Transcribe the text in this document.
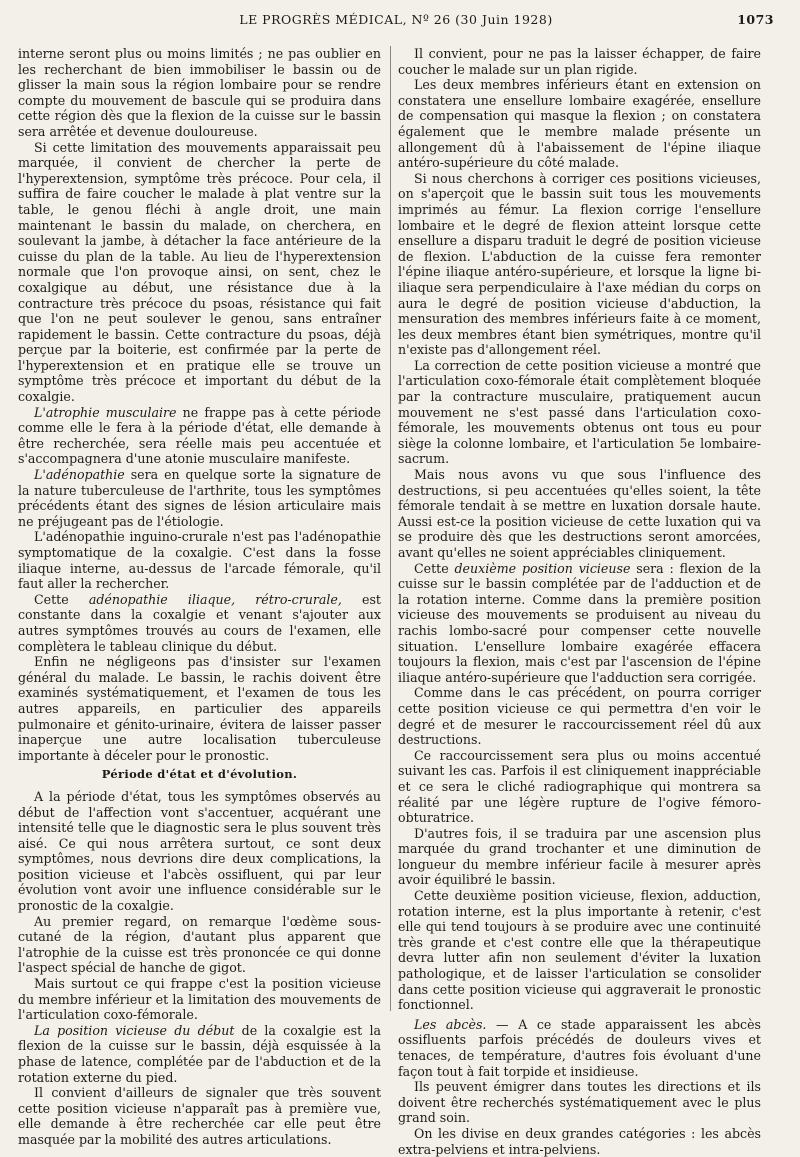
LE PROGRÈS MÉDICAL, Nº 26 (30 Juin 1928)	1073

interne seront plus ou moins limités ; ne pas oublier en les recherchant de bien immobiliser le bassin ou de glisser la main sous la région lombaire pour se rendre compte du mouvement de bascule qui se produira dans cette région dès que la flexion de la cuisse sur le bassin sera arrêtée et devenue douloureuse.

Si cette limitation des mouvements apparaissait peu marquée, il convient de chercher la perte de l'hyperextension, symptôme très précoce. Pour cela, il suffira de faire coucher le malade à plat ventre sur la table, le genou fléchi à angle droit, une main maintenant le bassin du malade, on cherchera, en soulevant la jambe, à détacher la face antérieure de la cuisse du plan de la table. Au lieu de l'hyperextension normale que l'on provoque ainsi, on sent, chez le coxalgique au début, une résistance due à la contracture très précoce du psoas, résistance qui fait que l'on ne peut soulever le genou, sans entraîner rapidement le bassin. Cette contracture du psoas, déjà perçue par la boiterie, est confirmée par la perte de l'hyperextension et en pratique elle se trouve un symptôme très précoce et important du début de la coxalgie.

L'atrophie musculaire ne frappe pas à cette période comme elle le fera à la période d'état, elle demande à être recherchée, sera réelle mais peu accentuée et s'accompagnera d'une atonie musculaire manifeste.

L'adénopathie sera en quelque sorte la signature de la nature tuberculeuse de l'arthrite, tous les symptômes précédents étant des signes de lésion articulaire mais ne préjugeant pas de l'étiologie.

L'adénopathie inguino-crurale n'est pas l'adénopathie symptomatique de la coxalgie. C'est dans la fosse iliaque interne, au-dessus de l'arcade fémorale, qu'il faut aller la rechercher.

Cette adénopathie iliaque, rétro-crurale, est constante dans la coxalgie et venant s'ajouter aux autres symptômes trouvés au cours de l'examen, elle complètera le tableau clinique du début.

Enfin ne négligeons pas d'insister sur l'examen général du malade. Le bassin, le rachis doivent être examinés systématiquement, et l'examen de tous les autres appareils, en particulier des appareils pulmonaire et génito-urinaire, évitera de laisser passer inaperçue une autre localisation tuberculeuse importante à déceler pour le pronostic.

Période d'état et d'évolution.

A la période d'état, tous les symptômes observés au début de l'affection vont s'accentuer, acquérant une intensité telle que le diagnostic sera le plus souvent très aisé. Ce qui nous arrêtera surtout, ce sont deux symptômes, nous devrions dire deux complications, la position vicieuse et l'abcès ossifluent, qui par leur évolution vont avoir une influence considérable sur le pronostic de la coxalgie.

Au premier regard, on remarque l'œdème sous-cutané de la région, d'autant plus apparent que l'atrophie de la cuisse est très prononcée ce qui donne l'aspect spécial de hanche de gigot.

Mais surtout ce qui frappe c'est la position vicieuse du membre inférieur et la limitation des mouvements de l'articulation coxo-fémorale.

La position vicieuse du début de la coxalgie est la flexion de la cuisse sur le bassin, déjà esquissée à la phase de latence, complétée par de l'abduction et de la rotation externe du pied.

Il convient d'ailleurs de signaler que très souvent cette position vicieuse n'apparaît pas à première vue, elle demande à être recherchée car elle peut être masquée par la mobilité des autres articulations.

Il convient, pour ne pas la laisser échapper, de faire coucher le malade sur un plan rigide.

Les deux membres inférieurs étant en extension on constatera une ensellure lombaire exagérée, ensellure de compensation qui masque la flexion ; on constatera également que le membre malade présente un allongement dû à l'abaissement de l'épine iliaque antéro-supérieure du côté malade.

Si nous cherchons à corriger ces positions vicieuses, on s'aperçoit que le bassin suit tous les mouvements imprimés au fémur. La flexion corrige l'ensellure lombaire et le degré de flexion atteint lorsque cette ensellure a disparu traduit le degré de position vicieuse de flexion. L'abduction de la cuisse fera remonter l'épine iliaque antéro-supérieure, et lorsque la ligne bi-iliaque sera perpendiculaire à l'axe médian du corps on aura le degré de position vicieuse d'abduction, la mensuration des membres inférieurs faite à ce moment, les deux membres étant bien symétriques, montre qu'il n'existe pas d'allongement réel.

La correction de cette position vicieuse a montré que l'articulation coxo-fémorale était complètement bloquée par la contracture musculaire, pratiquement aucun mouvement ne s'est passé dans l'articulation coxo-fémorale, les mouvements obtenus ont tous eu pour siège la colonne lombaire, et l'articulation 5e lombaire-sacrum.

Mais nous avons vu que sous l'influence des destructions, si peu accentuées qu'elles soient, la tête fémorale tendait à se mettre en luxation dorsale haute. Aussi est-ce la position vicieuse de cette luxation qui va se produire dès que les destructions seront amorcées, avant qu'elles ne soient appréciables cliniquement.

Cette deuxième position vicieuse sera : flexion de la cuisse sur le bassin complétée par de l'adduction et de la rotation interne. Comme dans la première position vicieuse des mouvements se produisent au niveau du rachis lombo-sacré pour compenser cette nouvelle situation. L'ensellure lombaire exagérée effacera toujours la flexion, mais c'est par l'ascension de l'épine iliaque antéro-supérieure que l'adduction sera corrigée.

Comme dans le cas précédent, on pourra corriger cette position vicieuse ce qui permettra d'en voir le degré et de mesurer le raccourcissement réel dû aux destructions.

Ce raccourcissement sera plus ou moins accentué suivant les cas. Parfois il est cliniquement inappréciable et ce sera le cliché radiographique qui montrera sa réalité par une légère rupture de l'ogive fémoro-obturatrice.

D'autres fois, il se traduira par une ascension plus marquée du grand trochanter et une diminution de longueur du membre inférieur facile à mesurer après avoir équilibré le bassin.

Cette deuxième position vicieuse, flexion, adduction, rotation interne, est la plus importante à retenir, c'est elle qui tend toujours à se produire avec une continuité très grande et c'est contre elle que la thérapeutique devra lutter afin non seulement d'éviter la luxation pathologique, et de laisser l'articulation se consolider dans cette position vicieuse qui aggraverait le pronostic fonctionnel.

Les abcès. — A ce stade apparaissent les abcès ossifluents parfois précédés de douleurs vives et tenaces, de température, d'autres fois évoluant d'une façon tout à fait torpide et insidieuse.

Ils peuvent émigrer dans toutes les directions et ils doivent être recherchés systématiquement avec le plus grand soin.

On les divise en deux grandes catégories : les abcès extra-pelviens et intra-pelviens.
